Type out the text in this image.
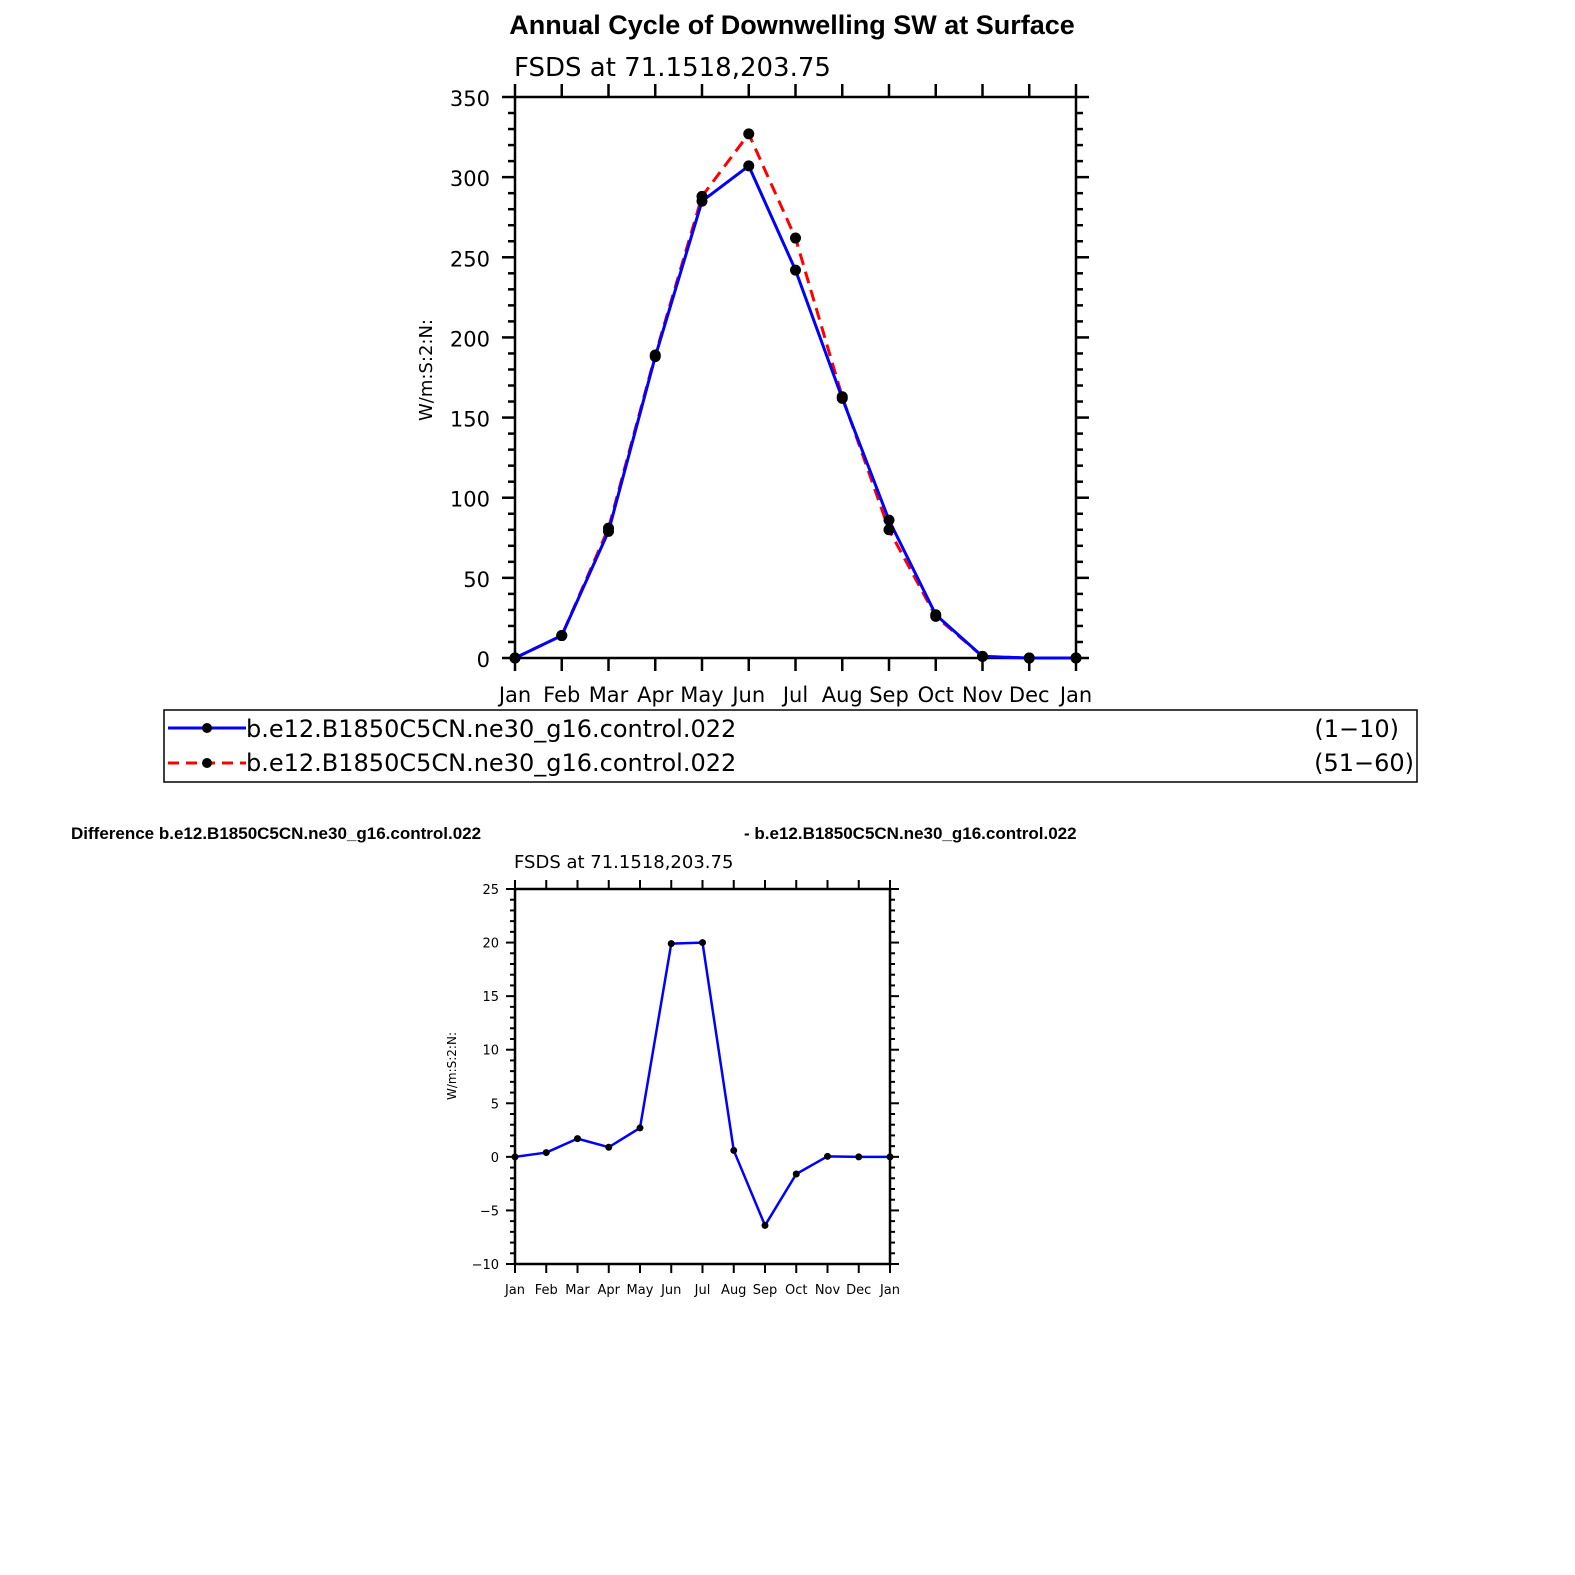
Annual Cycle of Downwelling SW at Surface
FSDS at 71.1518,203.75
W/m:S:2:N:
0
50
100
150
200
250
300
350
Jan Feb Mar Apr May Jun Jul Aug Sep Oct Nov Dec Jan
b.e12.B1850C5CN.ne30_g16.control.022	(1−10)
b.e12.B1850C5CN.ne30_g16.control.022	(51−60)
Difference b.e12.B1850C5CN.ne30_g16.control.022	- b.e12.B1850C5CN.ne30_g16.control.022
FSDS at 71.1518,203.75
W/m:S:2:N:
−10
−5
0
5
10
15
20
25
Jan Feb Mar Apr May Jun Jul Aug Sep Oct Nov Dec Jan
